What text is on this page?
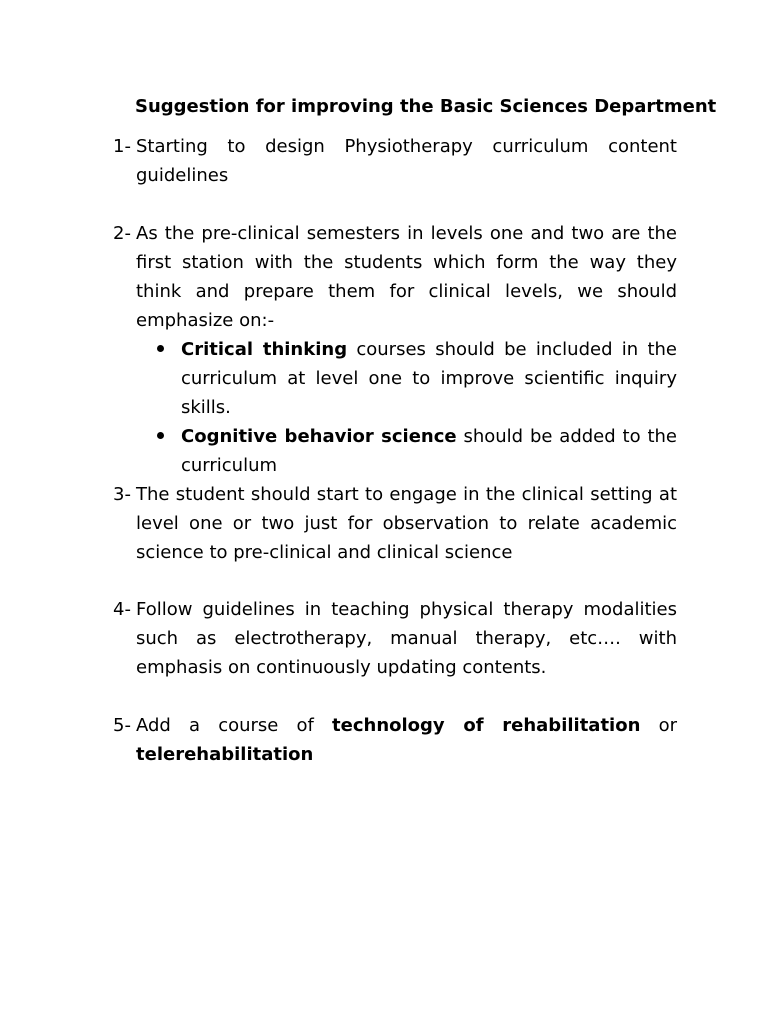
Suggestion for improving the Basic Sciences Department
1- Starting to design Physiotherapy curriculum content guidelines

2- As the pre-clinical semesters in levels one and two are the first station with the students which form the way they think and prepare them for clinical levels, we should emphasize on:-

Critical thinking courses should be included in the curriculum at level one to improve scientific inquiry skills.
Cognitive behavior science should be added to the curriculum
3- The student should start to engage in the clinical setting at level one or two just for observation to relate academic science to pre-clinical and clinical science

4- Follow guidelines in teaching physical therapy modalities such as electrotherapy, manual therapy, etc…. with emphasis on continuously updating contents.

5- Add a course of technology of rehabilitation or telerehabilitation
